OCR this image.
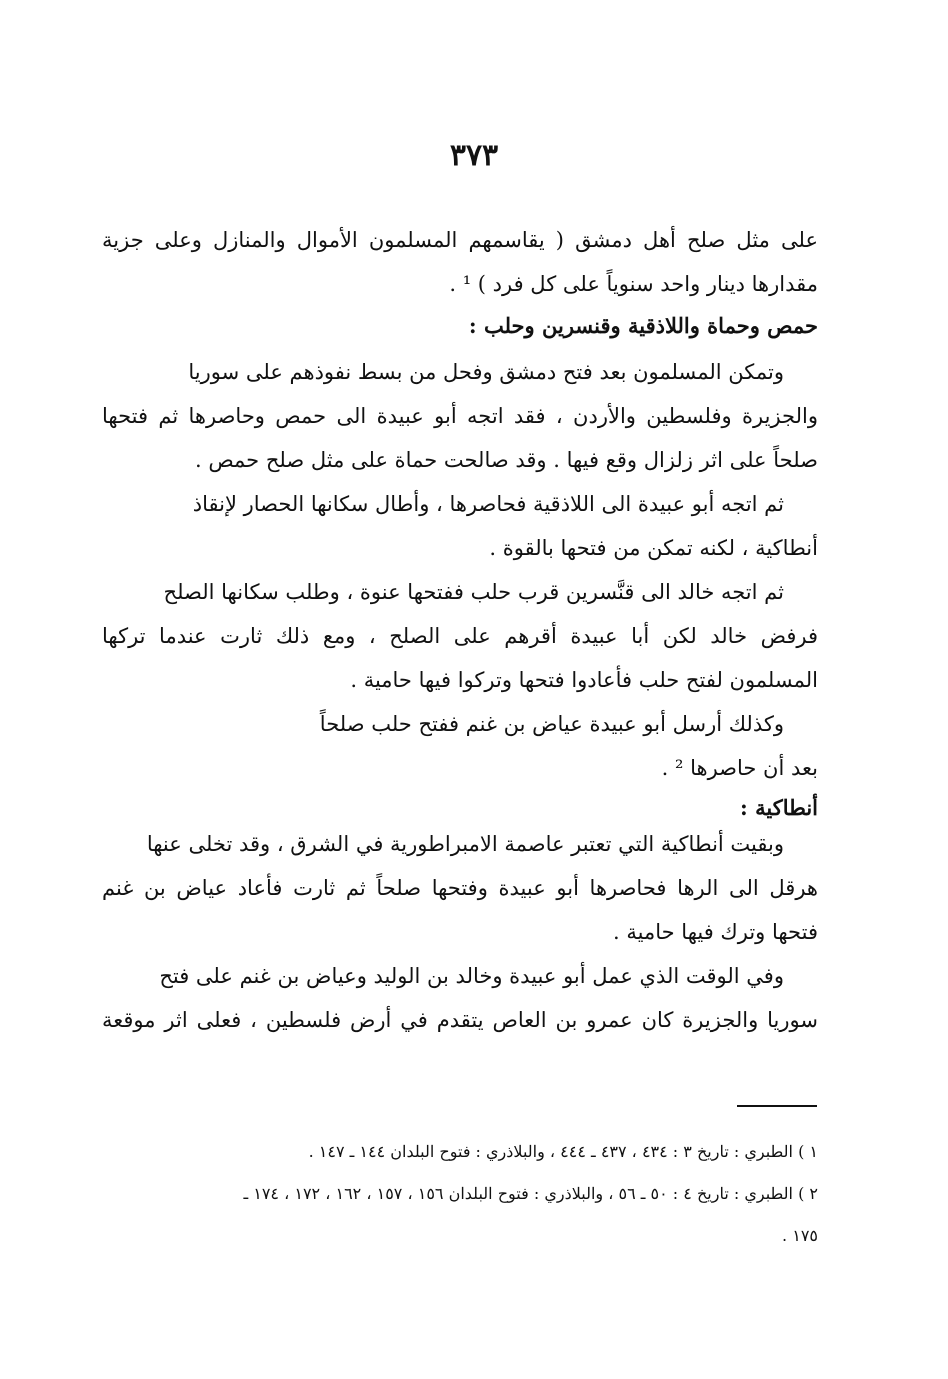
٣٧٣
على مثل صلح أهل دمشق ( يقاسمهم المسلمون الأموال والمنازل وعلى جزية
مقدارها دينار واحد سنوياً على كل فرد ) ¹ .
حمص وحماة واللاذقية وقنسرين وحلب :
وتمكن المسلمون بعد فتح دمشق وفحل من بسط نفوذهم على سوريا
والجزيرة وفلسطين والأردن ، فقد اتجه أبو عبيدة الى حمص وحاصرها ثم فتحها
صلحاً على اثر زلزال وقع فيها . وقد صالحت حماة على مثل صلح حمص .
ثم اتجه أبو عبيدة الى اللاذقية فحاصرها ، وأطال سكانها الحصار لإنقاذ
أنطاكية ، لكنه تمكن من فتحها بالقوة .
ثم اتجه خالد الى قنَّسرين قرب حلب ففتحها عنوة ، وطلب سكانها الصلح
فرفض خالد لكن أبا عبيدة أقرهم على الصلح ، ومع ذلك ثارت عندما تركها
المسلمون لفتح حلب فأعادوا فتحها وتركوا فيها حامية .
وكذلك أرسل أبو عبيدة عياض بن غنم ففتح حلب صلحاً
بعد أن حاصرها ² .
أنطاكية :
وبقيت أنطاكية التي تعتبر عاصمة الامبراطورية في الشرق ، وقد تخلى عنها
هرقل الى الرها فحاصرها أبو عبيدة وفتحها صلحاً ثم ثارت فأعاد عياض بن غنم
فتحها وترك فيها حامية .
وفي الوقت الذي عمل أبو عبيدة وخالد بن الوليد وعياض بن غنم على فتح
سوريا والجزيرة كان عمرو بن العاص يتقدم في أرض فلسطين ، فعلى اثر موقعة
١ ) الطبري : تاريخ ٣ : ٤٣٤ ، ٤٣٧ ـ ٤٤٤ ، والبلاذري : فتوح البلدان ١٤٤ ـ ١٤٧ .
٢ ) الطبري : تاريخ ٤ : ٥٠ ـ ٥٦ ، والبلاذري : فتوح البلدان ١٥٦ ، ١٥٧ ، ١٦٢ ، ١٧٢ ، ١٧٤ ـ
١٧٥ .
